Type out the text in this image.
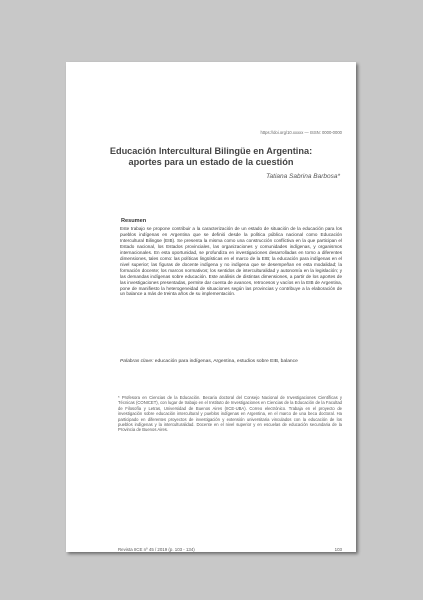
https://doi.org/10.xxxxx — ISSN: 0000-0000
Educación Intercultural Bilingüe en Argentina:
aportes para un estado de la cuestión
Tatiana Sabrina Barbosa*
Resumen
Este trabajo se propone contribuir a la caracterización de un estado de situación de la educación para los pueblos indígenas en Argentina que se definió desde la política pública nacional como Educación Intercultural Bilingüe (EIB). Se presenta la misma como una construcción conflictiva en la que participan el Estado nacional, los Estados provinciales, las organizaciones y comunidades indígenas, y organismos internacionales. En esta oportunidad, se profundiza en investigaciones desarrolladas en torno a diferentes dimensiones, tales como: las políticas lingüísticas en el marco de la EIB; la educación para indígenas en el nivel superior; las figuras de docente indígena y no indígena que se desempeñan en esta modalidad; la formación docente; los marcos normativos; los sentidos de interculturalidad y autonomía en la legislación; y las demandas indígenas sobre educación. Este análisis de distintas dimensiones, a partir de los aportes de las investigaciones presentadas, permite dar cuenta de avances, retrocesos y vacíos en la EIB de Argentina, pone de manifiesto la heterogeneidad de situaciones según las provincias y contribuye a la elaboración de un balance a más de treinta años de su implementación.
Palabras clave: educación para indígenas, Argentina, estudios sobre EIB, balance
* Profesora en Ciencias de la Educación. Becaria doctoral del Consejo Nacional de Investigaciones Científicas y Técnicas (CONICET), con lugar de trabajo en el Instituto de Investigaciones en Ciencias de la Educación de la Facultad de Filosofía y Letras, Universidad de Buenos Aires (IICE-UBA). Correo electrónico. Trabaja en el proyecto de investigación sobre educación intercultural y pueblos indígenas en Argentina, en el marco de una beca doctoral. Ha participado en diferentes proyectos de investigación y extensión universitaria vinculados con la educación de los pueblos indígenas y la interculturalidad. Docente en el nivel superior y en escuelas de educación secundaria de la Provincia de Buenos Aires.
Revista IICE nº 45 / 2019 (p. 103 - 134)	103
